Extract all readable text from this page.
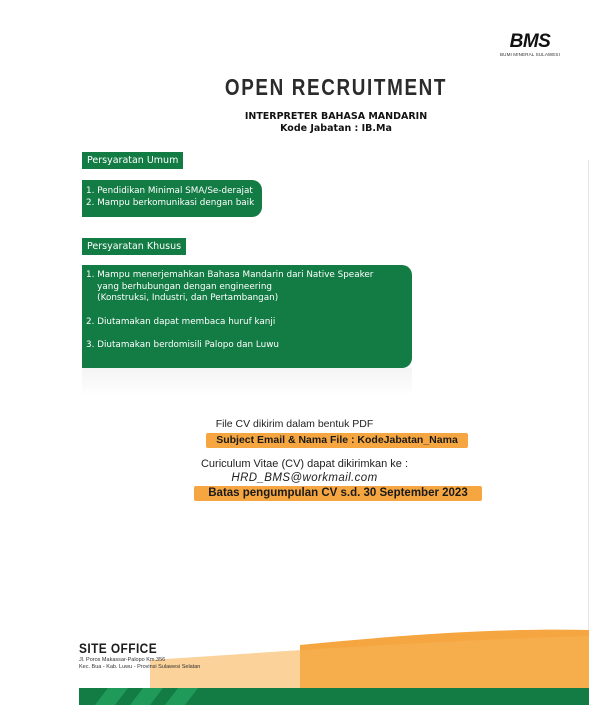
BMS
BUMI MINERAL SULAWESI
OPEN RECRUITMENT
INTERPRETER BAHASA MANDARIN
Kode Jabatan : IB.Ma
Persyaratan Umum
1. Pendidikan Minimal SMA/Se-derajat
2. Mampu berkomunikasi dengan baik
Persyaratan Khusus
1. Mampu menerjemahkan Bahasa Mandarin dari Native Speaker
yang berhubungan dengan engineering
(Konstruksi, Industri, dan Pertambangan)
2. Diutamakan dapat membaca huruf kanji
3. Diutamakan berdomisili Palopo dan Luwu
File CV dikirim dalam bentuk PDF
Subject Email & Nama File : KodeJabatan_Nama
Curiculum Vitae (CV) dapat dikirimkan ke :
HRD_BMS@workmail.com
Batas pengumpulan CV s.d. 30 September 2023
SITE OFFICE
Jl. Poros Makassar-Palopo Km.356
Kec. Bua - Kab. Luwu - Provinsi Sulawesi Selatan
